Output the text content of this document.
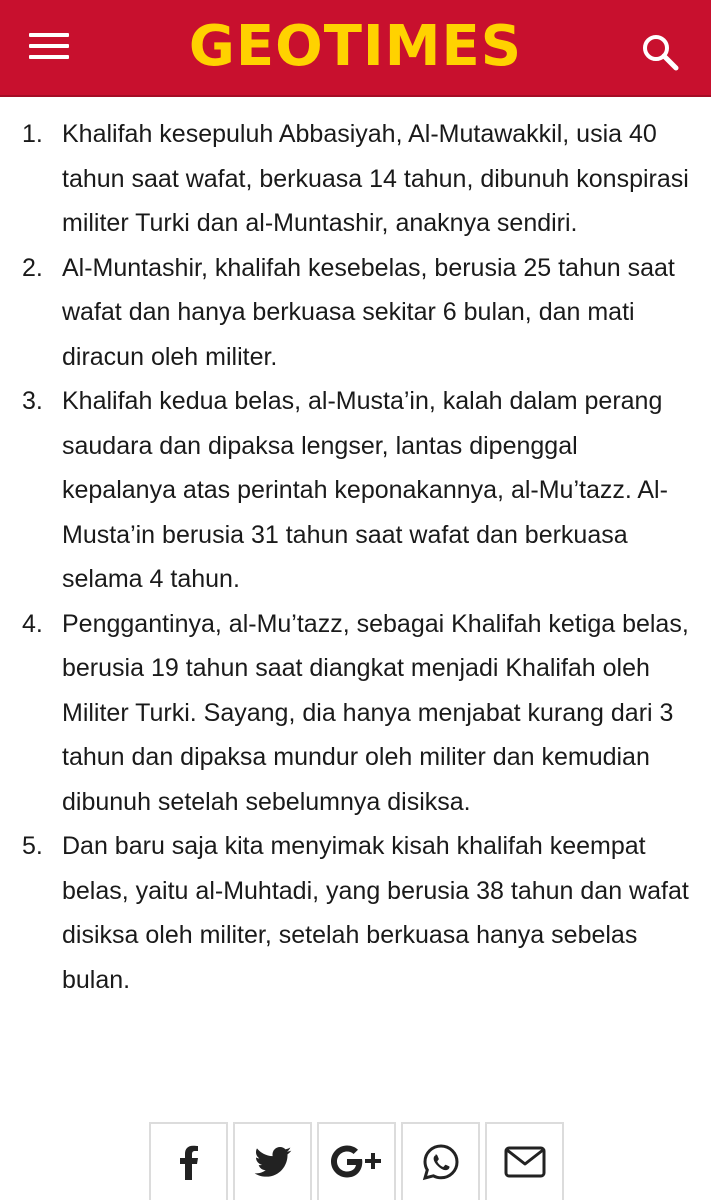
GEOTIMES
1. Khalifah kesepuluh Abbasiyah, Al-Mutawakkil, usia 40 tahun saat wafat, berkuasa 14 tahun, dibunuh konspirasi militer Turki dan al-Muntashir, anaknya sendiri.
2. Al-Muntashir, khalifah kesebelas, berusia 25 tahun saat wafat dan hanya berkuasa sekitar 6 bulan, dan mati diracun oleh militer.
3. Khalifah kedua belas, al-Musta’in, kalah dalam perang saudara dan dipaksa lengser, lantas dipenggal kepalanya atas perintah keponakannya, al-Mu’tazz. Al-Musta’in berusia 31 tahun saat wafat dan berkuasa selama 4 tahun.
4. Penggantinya, al-Mu’tazz, sebagai Khalifah ketiga belas, berusia 19 tahun saat diangkat menjadi Khalifah oleh Militer Turki. Sayang, dia hanya menjabat kurang dari 3 tahun dan dipaksa mundur oleh militer dan kemudian dibunuh setelah sebelumnya disiksa.
5. Dan baru saja kita menyimak kisah khalifah keempat belas, yaitu al-Muhtadi, yang berusia 38 tahun dan wafat disiksa oleh militer, setelah berkuasa hanya sebelas bulan.
